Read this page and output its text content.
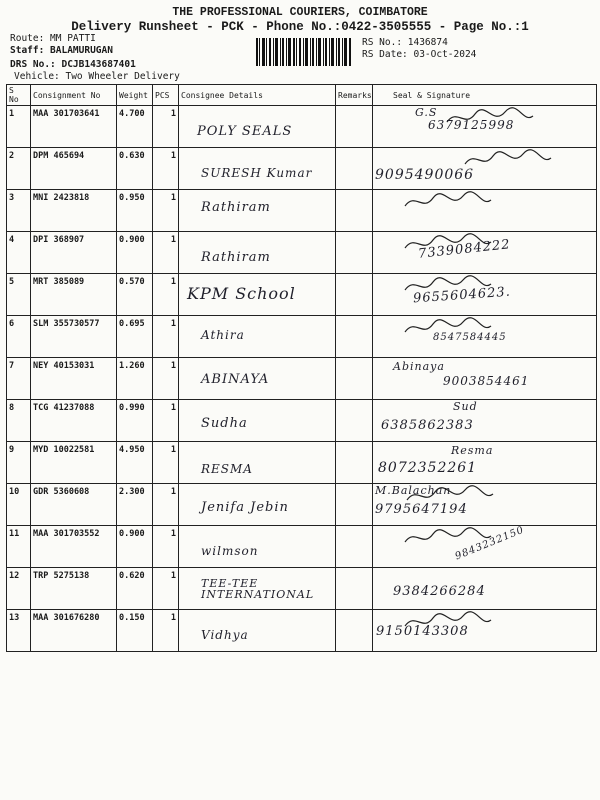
THE PROFESSIONAL COURIERS, COIMBATORE
Delivery Runsheet - PCK - Phone No.:0422-3505555 - Page No.:1
Route: MM PATTI
Staff: BALAMURUGAN
DRS No.: DCJB143687401
Vehicle: Two Wheeler Delivery
RS No.: 1436874
RS Date: 03-Oct-2024
S No	Consignment No	Weight	PCS	Consignee Details	Remarks	Seal & Signature
1	MAA 301703641	4.700	1	POLY SEALS		G.S
6379125998

2	DPM 465694	0.630	1	SURESH Kumar		9095490066

3	MNI 2423818	0.950	1	Rathiram

4	DPI 368907	0.900	1	Rathiram		7339084222

5	MRT 385089	0.570	1	KPM School		9655604623.

6	SLM 355730577	0.695	1	Athira		8547584445

7	NEY 40153031	1.260	1	ABINAYA		Abinaya
9003854461

8	TCG 41237088	0.990	1	Sudha		Sud
6385862383

9	MYD 10022581	4.950	1	RESMA		Resma
8072352261

10	GDR 5360608	2.300	1	Jenifa Jebin		M.Balachan
9795647194

11	MAA 301703552	0.900	1	wilmson		9843232150

12	TRP 5275138	0.620	1	TEE-TEE INTERNATIONAL		9384266284

13	MAA 301676280	0.150	1	Vidhya		9150143308
